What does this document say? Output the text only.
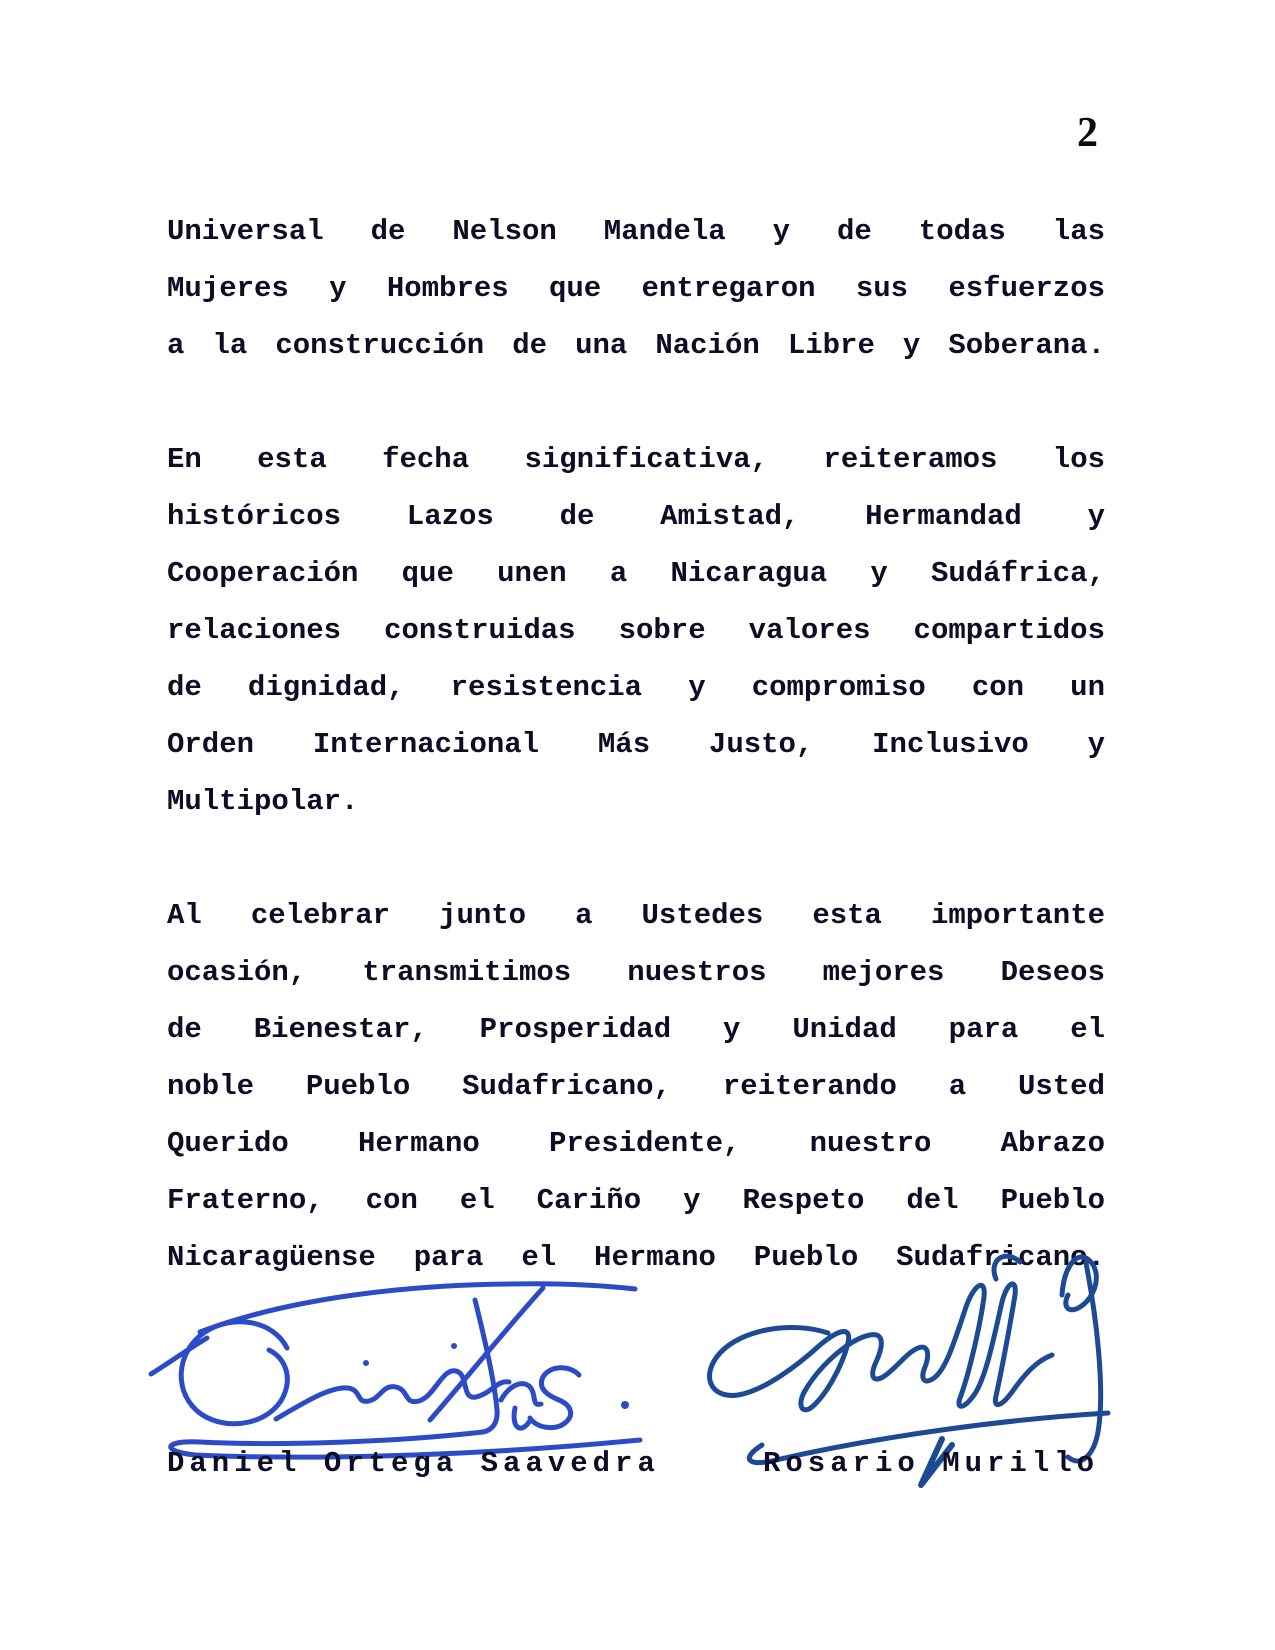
2
Universal de Nelson Mandela y de todas las
Mujeres y Hombres que entregaron sus esfuerzos
a la construcción de una Nación Libre y Soberana.
En esta fecha significativa, reiteramos los
históricos Lazos de Amistad, Hermandad y
Cooperación que unen a Nicaragua y Sudáfrica,
relaciones construidas sobre valores compartidos
de dignidad, resistencia y compromiso con un
Orden Internacional Más Justo, Inclusivo y
Multipolar.
Al celebrar junto a Ustedes esta importante
ocasión, transmitimos nuestros mejores Deseos
de Bienestar, Prosperidad y Unidad para el
noble Pueblo Sudafricano, reiterando a Usted
Querido Hermano Presidente, nuestro Abrazo
Fraterno, con el Cariño y Respeto del Pueblo
Nicaragüense para el Hermano Pueblo Sudafricano.
Daniel Ortega Saavedra	Rosario Murillo
